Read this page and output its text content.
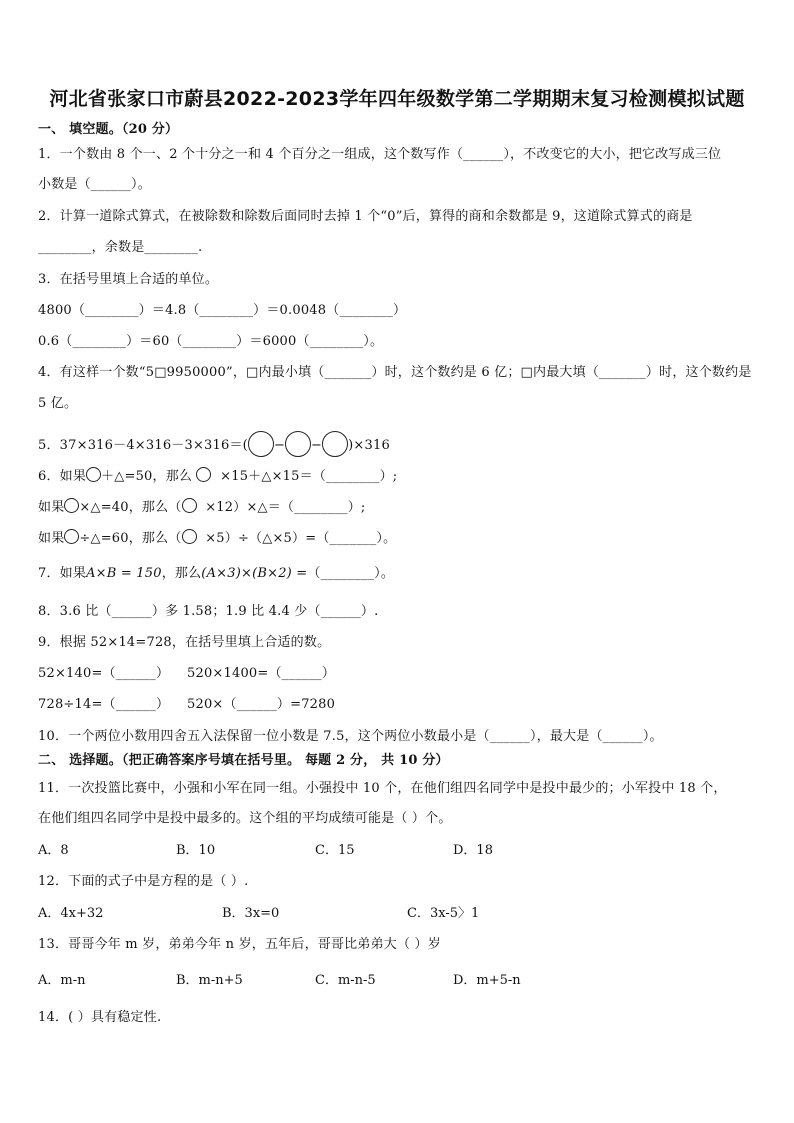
河北省张家口市蔚县2022-2023学年四年级数学第二学期期末复习检测模拟试题
一、 填空题。（20 分）
1．一个数由 8 个一、2 个十分之一和 4 个百分之一组成，这个数写作（______），不改变它的大小，把它改写成三位
小数是（______）。
2．计算一道除式算式，在被除数和除数后面同时去掉 1 个“0”后，算得的商和余数都是 9，这道除式算式的商是
________，余数是________.
3．在括号里填上合适的单位。
4800（________）＝4.8（________）＝0.0048（________）
0.6（________）＝60（________）＝6000（________）。
4．有这样一个数“5□9950000”，□内最小填（_______）时，这个数约是 6 亿；□内最大填（_______）时，这个数约是
5 亿。
5．37×316－4×316－3×316＝( − − )×316
6．如果 ＋△=50，那么 ×15＋△×15＝（________）;
如果 ×△=40，那么（ ×12）×△＝（________）;
如果 ÷△=60，那么（ ×5）÷（△×5）=（_______）。
7．如果A×B = 150，那么(A×3)×(B×2) =（________）。
8．3.6 比（______）多 1.58；1.9 比 4.4 少（______）.
9．根据 52×14=728，在括号里填上合适的数。
52×140=（______） 520×1400=（______）
728÷14=（______） 520×（______）=7280
10．一个两位小数用四舍五入法保留一位小数是 7.5，这个两位小数最小是（______），最大是（______）。
二、 选择题。（把正确答案序号填在括号里。 每题 2 分， 共 10 分）
11．一次投篮比赛中，小强和小军在同一组。小强投中 10 个，在他们组四名同学中是投中最少的；小军投中 18 个，
在他们组四名同学中是投中最多的。这个组的平均成绩可能是（ ）个。
A．8	B．10	C．15	D．18
12．下面的式子中是方程的是（ ）.
A．4x+32	B．3x=0	C．3x-5〉1
13．哥哥今年 m 岁，弟弟今年 n 岁，五年后，哥哥比弟弟大（ ）岁
A．m-n	B．m-n+5	C．m-n-5	D．m+5-n
14．( ）具有稳定性.
